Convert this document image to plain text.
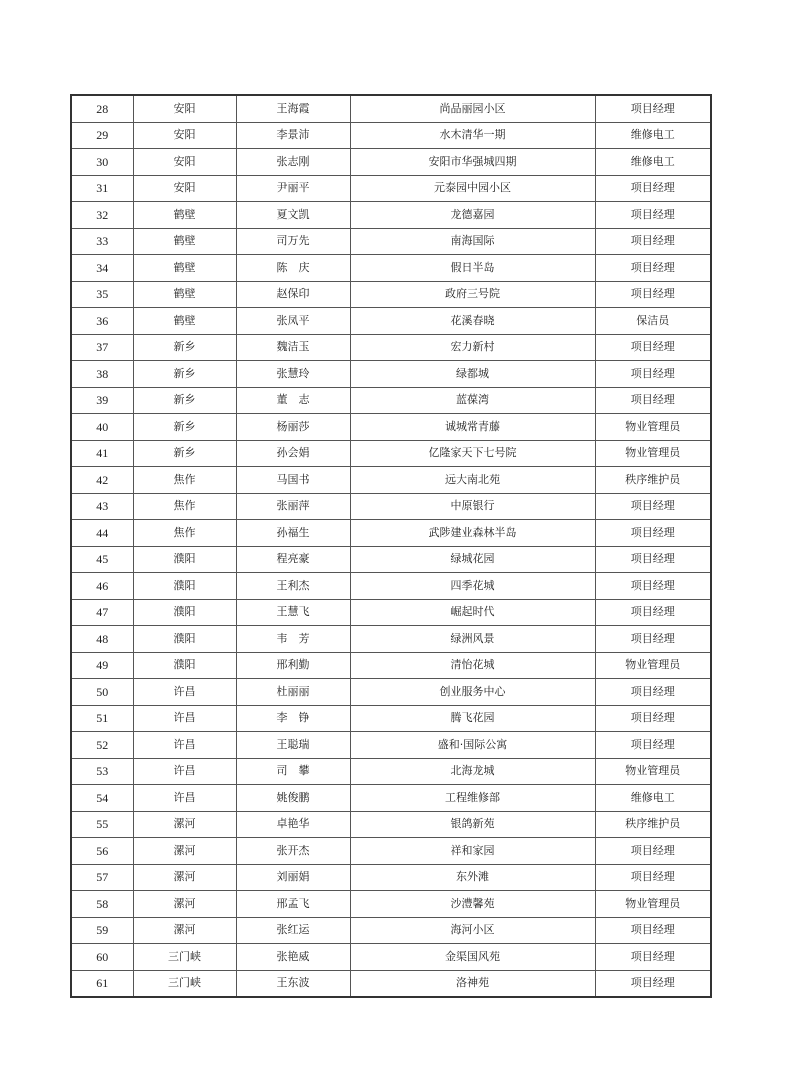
28	安阳	王海霞	尚品丽园小区	项目经理
29	安阳	李景沛	水木清华一期	维修电工
30	安阳	张志刚	安阳市华强城四期	维修电工
31	安阳	尹丽平	元泰园中园小区	项目经理
32	鹤壁	夏文凯	龙德嘉园	项目经理
33	鹤壁	司万先	南海国际	项目经理
34	鹤壁	陈　庆	假日半岛	项目经理
35	鹤壁	赵保印	政府三号院	项目经理
36	鹤壁	张凤平	花溪春晓	保洁员
37	新乡	魏洁玉	宏力新村	项目经理
38	新乡	张慧玲	绿都城	项目经理
39	新乡	董　志	蓝葆湾	项目经理
40	新乡	杨丽莎	诚城常青藤	物业管理员
41	新乡	孙会娟	亿隆家天下七号院	物业管理员
42	焦作	马国书	远大南北苑	秩序维护员
43	焦作	张丽萍	中原银行	项目经理
44	焦作	孙福生	武陟建业森林半岛	项目经理
45	濮阳	程亮豪	绿城花园	项目经理
46	濮阳	王利杰	四季花城	项目经理
47	濮阳	王慧飞	崛起时代	项目经理
48	濮阳	韦　芳	绿洲风景	项目经理
49	濮阳	邢利勤	清怡花城	物业管理员
50	许昌	杜丽丽	创业服务中心	项目经理
51	许昌	李　铮	腾飞花园	项目经理
52	许昌	王聪瑞	盛和·国际公寓	项目经理
53	许昌	司　攀	北海龙城	物业管理员
54	许昌	姚俊鹏	工程维修部	维修电工
55	漯河	卓艳华	银鸽新苑	秩序维护员
56	漯河	张开杰	祥和家园	项目经理
57	漯河	刘丽娟	东外滩	项目经理
58	漯河	邢孟飞	沙澧馨苑	物业管理员
59	漯河	张红运	海河小区	项目经理
60	三门峡	张艳威	金渠国风苑	项目经理
61	三门峡	王东波	洛神苑	项目经理
